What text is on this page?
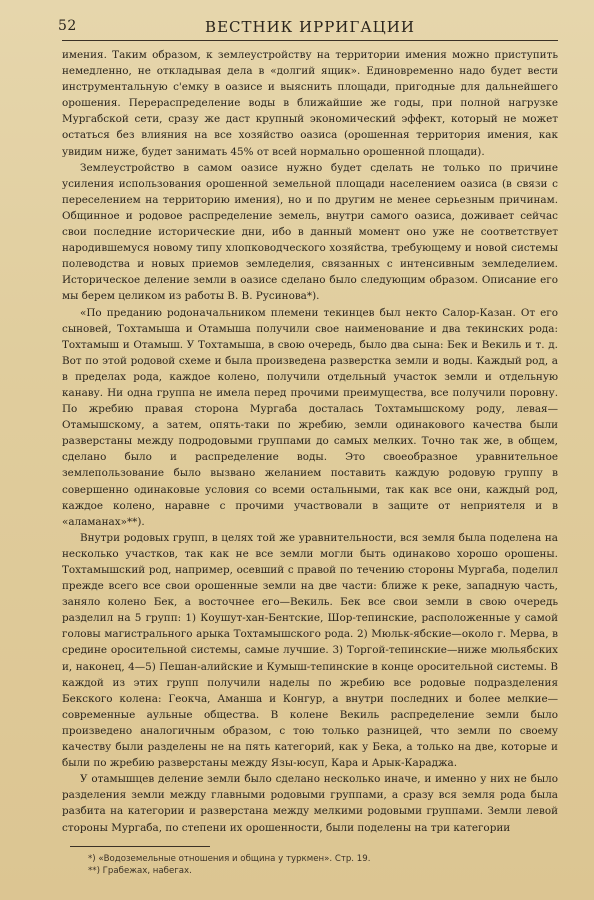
52	ВЕСТНИК ИРРИГАЦИИ

имения. Таким образом, к землеустройству на территории имения можно приступить немедленно, не откладывая дела в «долгий ящик». Единовременно надо будет вести инструментальную с'емку в оазисе и выяснить площади, пригодные для дальнейшего орошения. Перераспределение воды в ближайшие же годы, при полной нагрузке Мургабской сети, сразу же даст крупный экономический эффект, который не может остаться без влияния на все хозяйство оазиса (орошенная территория имения, как увидим ниже, будет занимать 45% от всей нормально орошенной площади).

Землеустройство в самом оазисе нужно будет сделать не только по причине усиления использования орошенной земельной площади населением оазиса (в связи с переселением на территорию имения), но и по другим не менее серьезным причинам. Общинное и родовое распределение земель, внутри самого оазиса, доживает сейчас свои последние исторические дни, ибо в данный момент оно уже не соответствует народившемуся новому типу хлопководческого хозяйства, требующему и новой системы полеводства и новых приемов земледелия, связанных с интенсивным земледелием. Историческое деление земли в оазисе сделано было следующим образом. Описание его мы берем целиком из работы В. В. Русинова*).

«По преданию родоначальником племени текинцев был некто Салор-Казан. От его сыновей, Тохтамыша и Отамыша получили свое наименование и два текинских рода: Тохтамыш и Отамыш. У Тохтамыша, в свою очередь, было два сына: Бек и Векиль и т. д. Вот по этой родовой схеме и была произведена разверстка земли и воды. Каждый род, а в пределах рода, каждое колено, получили отдельный участок земли и отдельную канаву. Ни одна группа не имела перед прочими преимущества, все получили поровну. По жребию правая сторона Мургаба досталась Тохтамышскому роду, левая—Отамышскому, а затем, опять-таки по жребию, земли одинакового качества были разверстаны между подродовыми группами до самых мелких. Точно так же, в общем, сделано было и распределение воды. Это своеобразное уравнительное землепользование было вызвано желанием поставить каждую родовую группу в совершенно одинаковые условия со всеми остальными, так как все они, каждый род, каждое колено, наравне с прочими участвовали в защите от неприятеля и в «аламанах»**).

Внутри родовых групп, в целях той же уравнительности, вся земля была поделена на несколько участков, так как не все земли могли быть одинаково хорошо орошены. Тохтамышский род, например, осевший с правой по течению стороны Мургаба, поделил прежде всего все свои орошенные земли на две части: ближе к реке, западную часть, заняло колено Бек, а восточнее его—Векиль. Бек все свои земли в свою очередь разделил на 5 групп: 1) Коушут-хан-Бентские, Шор-тепинские, расположенные у самой головы магистрального арыка Тохтамышского рода. 2) Мюльк-ябские—около г. Мерва, в средине оросительной системы, самые лучшие. 3) Торгой-тепинские—ниже мюльябских и, наконец, 4—5) Пешан-алийские и Кумыш-тепинские в конце оросительной системы. В каждой из этих групп получили наделы по жребию все родовые подразделения Бекского колена: Геокча, Аманша и Конгур, а внутри последних и более мелкие—современные аульные общества. В колене Векиль распределение земли было произведено аналогичным образом, с тою только разницей, что земли по своему качеству были разделены не на пять категорий, как у Бека, а только на две, которые и были по жребию разверстаны между Язы-юсуп, Кара и Арык-Караджа.

У отамышцев деление земли было сделано несколько иначе, и именно у них не было разделения земли между главными родовыми группами, а сразу вся земля рода была разбита на категории и разверстана между мелкими родовыми группами. Земли левой стороны Мургаба, по степени их орошенности, были поделены на три категории

*) «Водоземельные отношения и община у туркмен». Стр. 19.

**) Грабежах, набегах.
